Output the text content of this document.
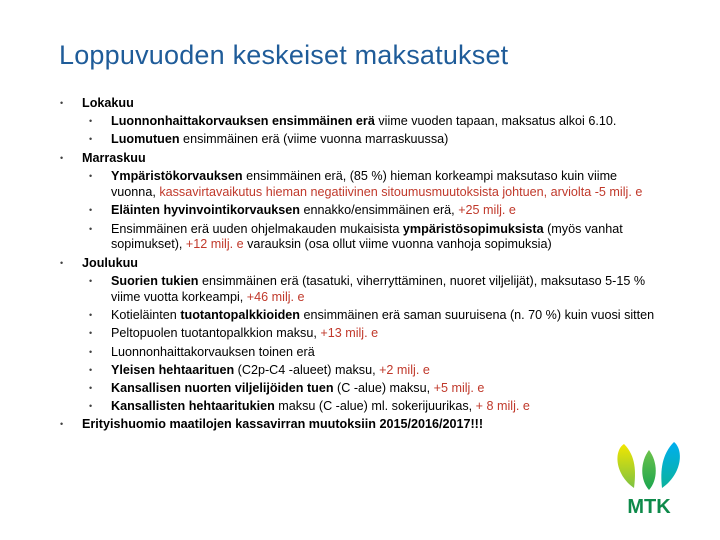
Loppuvuoden keskeiset maksatukset
• Lokakuu
• Luonnonhaittakorvauksen ensimmäinen erä viime vuoden tapaan, maksatus alkoi 6.10.
• Luomutuen ensimmäinen erä (viime vuonna marraskuussa)
• Marraskuu
• Ympäristökorvauksen ensimmäinen erä, (85 %) hieman korkeampi maksutaso kuin viime vuonna, kassavirtavaikutus hieman negatiivinen sitoumusmuutoksista johtuen, arviolta -5 milj. e
• Eläinten hyvinvointikorvauksen ennakko/ensimmäinen erä, +25 milj. e
• Ensimmäinen erä uuden ohjelmakauden mukaisista ympäristösopimuksista (myös vanhat sopimukset), +12 milj. e varauksin (osa ollut viime vuonna vanhoja sopimuksia)
• Joulukuu
• Suorien tukien ensimmäinen erä (tasatuki, viherryttäminen, nuoret viljelijät), maksutaso 5-15 % viime vuotta korkeampi, +46 milj. e
• Kotieläinten tuotantopalkkioiden ensimmäinen erä saman suuruisena (n. 70 %) kuin vuosi sitten
• Peltopuolen tuotantopalkkion maksu, +13 milj. e
• Luonnonhaittakorvauksen toinen erä
• Yleisen hehtaarituen (C2p-C4 -alueet) maksu, +2 milj. e
• Kansallisen nuorten viljelijöiden tuen (C -alue) maksu, +5 milj. e
• Kansallisten hehtaaritukien maksu (C -alue) ml. sokerijuurikas, + 8 milj. e
• Erityishuomio maatilojen kassavirran muutoksiin 2015/2016/2017!!!
MTK
